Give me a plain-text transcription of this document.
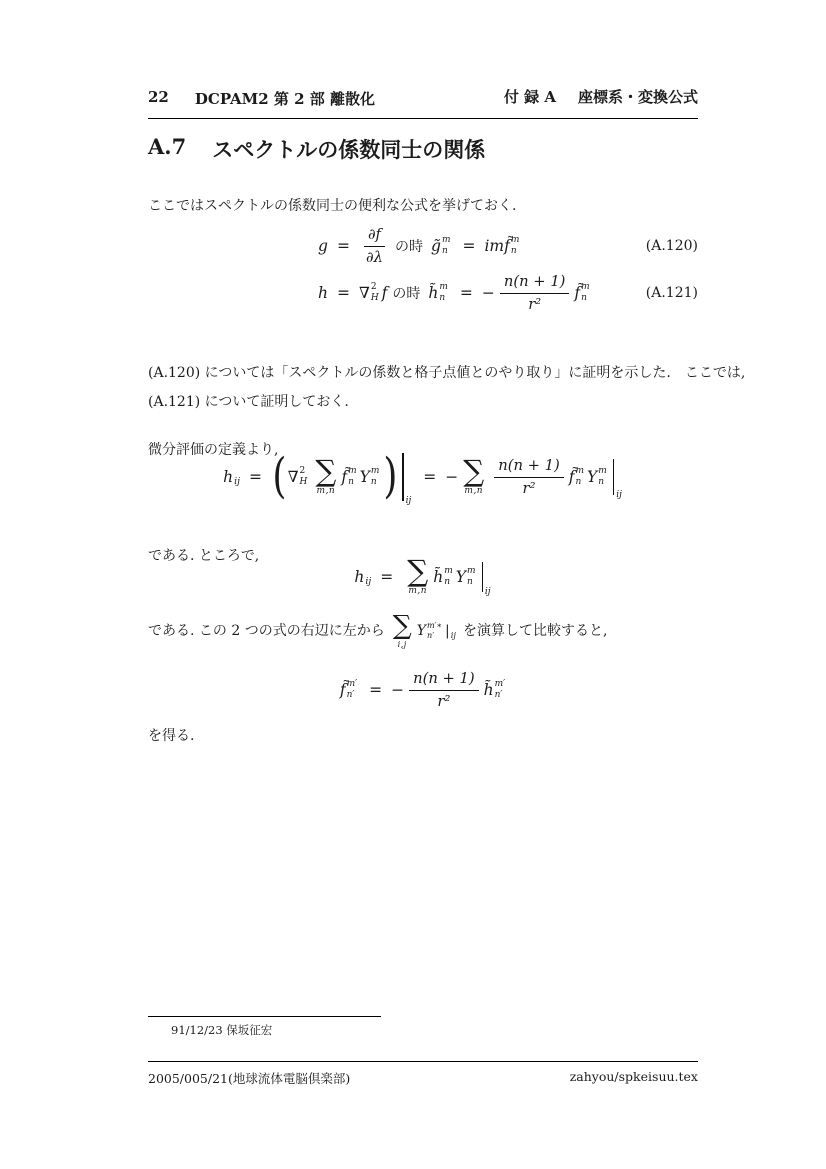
22 DCPAM2 第 2 部 離散化	付 録 A 座標系・変換公式
A.7 スペクトルの係数同士の関係

ここではスペクトルの係数同士の便利な公式を挙げておく.

$g = \frac{\partial f}{\partial\lambda}$ の時 g̃ m
n = im f̃ m
n	(A.120)
h = ∇ 2
H f の時 h̃ m
n = − $\frac{n(n + 1)}{\text{r²}}$ f̃ m
n	(A.121)
(A.120) については「スペクトルの係数と格子点値とのやり取り」に証明を示した.　ここでは,
(A.121) について証明しておく.

微分評価の定義より,

h ij = ( ∇ 2
H ∑
m,n
f̃ m
n Y m
n ) ij
= − ∑
$m,n \frac{n(n + 1)}{\text{r²}}$ f̃ m
n Y m
n
ij

である. ところで,

h ij = ∑
m,n
h̃ m
n Y m
n
ij
である. この 2 つの式の右辺に左から ∑
i,j
Y m′∗
n′ | ij を演算して比較すると,
f̃ m′
n′ = − $\frac{n(n + 1)}{\text{r²}}$ h̃ m′
n′

を得る.

91/12/23 保坂征宏
2005/005/21(地球流体電脳倶楽部)	zahyou/spkeisuu.tex
